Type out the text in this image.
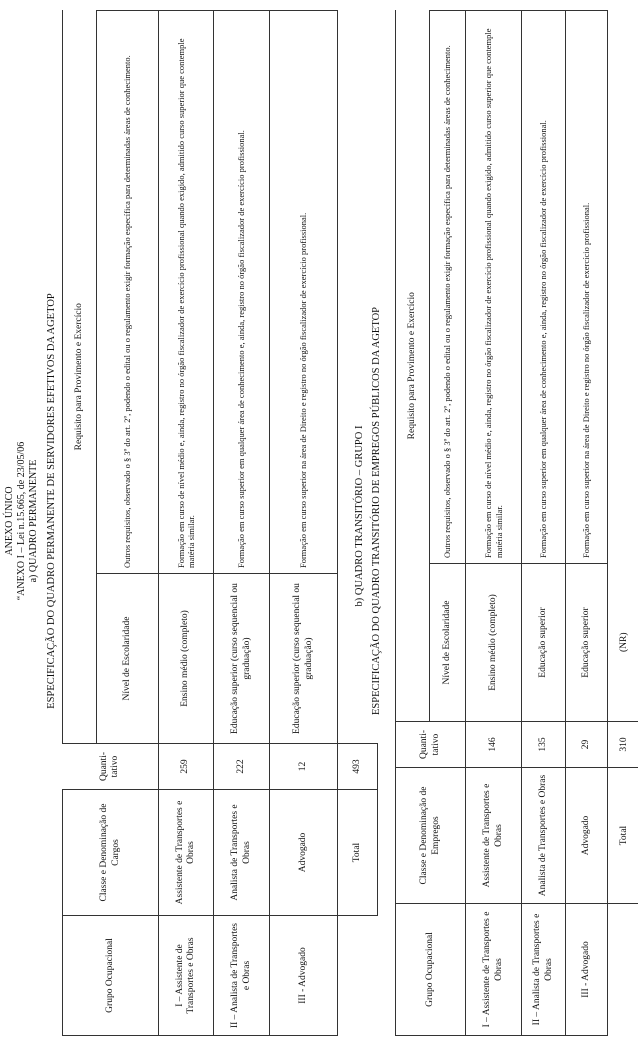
ANEXO ÚNICO “ANEXO I – Lei n.15.665, de 23/05/06 a) QUADRO PERMANENTE ESPECIFICAÇÃO DO QUADRO PERMANENTE DE SERVIDORES EFETIVOS DA AGETOP
Grupo Ocupacional	Classe e Denominação de Cargos	Quanti-tativo	Requisito para Provimento e Exercício	
			Nível de Escolaridade	Outros requisitos, observado o § 3º do art. 2º, podendo o edital ou o regulamento exigir formação específica para determinadas áreas de conhecimento.
I – Assistente de Transportes e Obras	Assistente de Transportes e Obras	259	Ensino médio (completo)	Formação em curso de nível médio e, ainda, registro no órgão fiscalizador de exercício profissional quando exigido, admitido curso superior que contemple matéria similar.
II – Analista de Transportes e Obras	Analista de Transportes e Obras	222	Educação superior (curso sequencial ou graduação)	Formação em curso superior em qualquer área de conhecimento e, ainda, registro no órgão fiscalizador de exercício profissional.
III - Advogado	Advogado	12	Educação superior (curso sequencial ou graduação)	Formação em curso superior na área de Direito e registro no órgão fiscalizador de exercício profissional.
	Total	493		
b) QUADRO TRANSITÓRIO – GRUPO I ESPECIFICAÇÃO DO QUADRO TRANSITÓRIO DE EMPREGOS PÚBLICOS DA AGETOP
Grupo Ocupacional	Classe e Denominação de Empregos	Quanti-tativo	Requisito para Provimento e Exercício	
			Nível de Escolaridade	Outros requisitos, observado o § 3º do art. 2º, podendo o edital ou o regulamento exigir formação específica para determinadas áreas de conhecimento.
I – Assistente de Transportes e Obras	Assistente de Transportes e Obras	146	Ensino médio (completo)	Formação em curso de nível médio e, ainda, registro no órgão fiscalizador de exercício profissional quando exigido, admitido curso superior que contemple matéria similar.
II – Analista de Transportes e Obras	Analista de Transportes e Obras	135	Educação superior	Formação em curso superior em qualquer área de conhecimento e, ainda, registro no órgão fiscalizador de exercício profissional.
III - Advogado	Advogado	29	Educação superior	Formação em curso superior na área de Direito e registro no órgão fiscalizador de exercício profissional.
	Total	310	(NR)	
